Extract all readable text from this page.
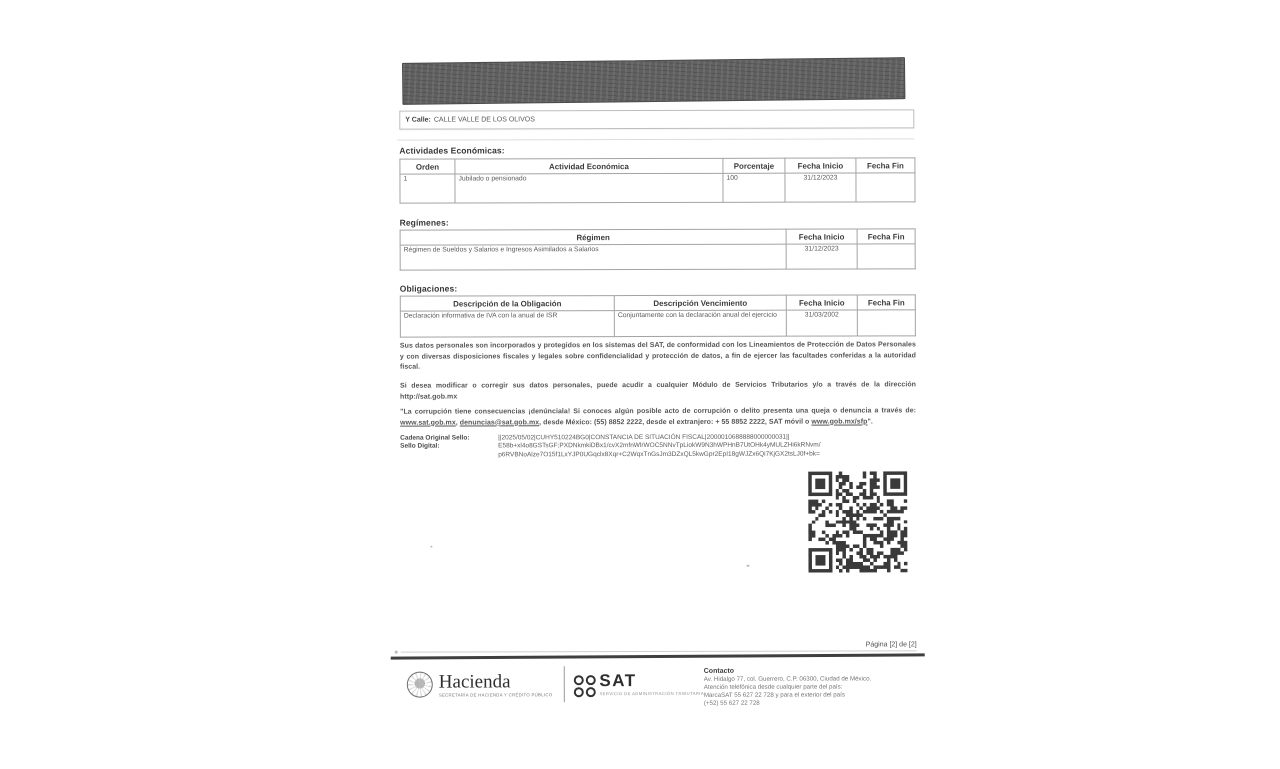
Y Calle: CALLE VALLE DE LOS OLIVOS
Actividades Económicas:
Orden	Actividad Económica	Porcentaje	Fecha Inicio	Fecha Fin
1	Jubilado o pensionado	100	31/12/2023	
Regímenes:
Régimen	Fecha Inicio	Fecha Fin
Régimen de Sueldos y Salarios e Ingresos Asimilados a Salarios	31/12/2023	
Obligaciones:
Descripción de la Obligación	Descripción Vencimiento	Fecha Inicio	Fecha Fin
Declaración informativa de IVA con la anual de ISR	Conjuntamente con la declaración anual del ejercicio	31/03/2002	
Sus datos personales son incorporados y protegidos en los sistemas del SAT, de conformidad con los Lineamientos de Protección de Datos Personales y con diversas disposiciones fiscales y legales sobre confidencialidad y protección de datos, a fin de ejercer las facultades conferidas a la autoridad fiscal.
Si desea modificar o corregir sus datos personales, puede acudir a cualquier Módulo de Servicios Tributarios y/o a través de la dirección http://sat.gob.mx
"La corrupción tiene consecuencias ¡denúnciala! Si conoces algún posible acto de corrupción o delito presenta una queja o denuncia a través de: www.sat.gob.mx, denuncias@sat.gob.mx, desde México: (55) 8852 2222, desde el extranjero: + 55 8852 2222, SAT móvil o www.gob.mx/sfp".
Cadena Original Sello:	||2025/05/02|CUHY510224BG0|CONSTANCIA DE SITUACIÓN FISCAL|2000010688888000000031||
Sello Digital:	E58b+xl4o8GSTsGF;PXDNkmkiDBx1/cvX2mfnWlrWOC5NNvTpLiokW9N3hWPHnB7UtOHk4yMULZHi6kRNvm/
p6RVBNoAlze7O15f1LxYJP0UGqclx8Xqr+C2WqxTnGsJm3DZxQL5kwGpr2EpI18gWJZx6Qi7KjGX2tsLJ0f+bk=
Página [2] de [2]
Hacienda
SECRETARÍA DE HACIENDA Y CRÉDITO PÚBLICO
SAT
SERVICIO DE ADMINISTRACIÓN TRIBUTARIA
Contacto
Av. Hidalgo 77, col. Guerrero, C.P. 06300, Ciudad de México.
Atención telefónica desde cualquier parte del país:
MarcaSAT 55 627 22 728 y para el exterior del país
(+52) 55 627 22 728
